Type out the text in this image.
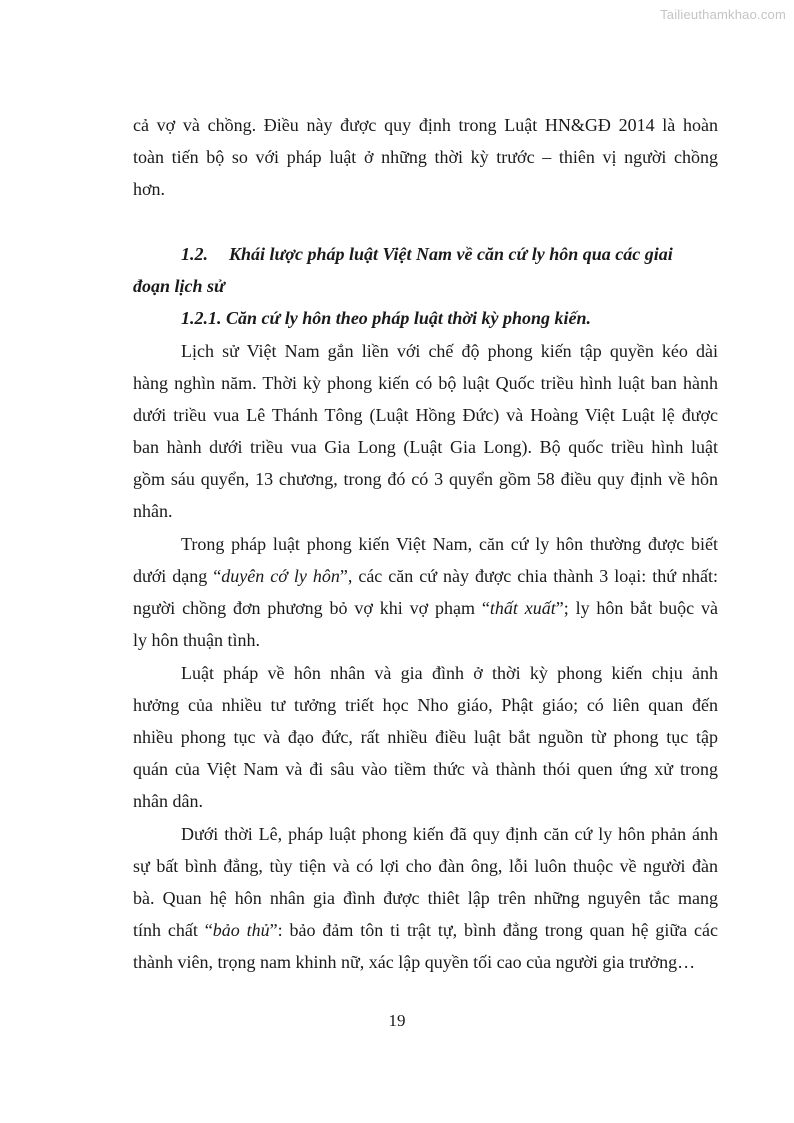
Tailieuthamkhao.com
cả vợ và chồng. Điều này được quy định trong Luật HN&GĐ 2014 là hoàn
toàn tiến bộ so với pháp luật ở những thời kỳ trước – thiên vị người chồng
hơn.
1.2. Khái lược pháp luật Việt Nam về căn cứ ly hôn qua các giai
đoạn lịch sử
1.2.1. Căn cứ ly hôn theo pháp luật thời kỳ phong kiến.
Lịch sử Việt Nam gắn liền với chế độ phong kiến tập quyền kéo dài
hàng nghìn năm. Thời kỳ phong kiến có bộ luật Quốc triều hình luật ban hành
dưới triều vua Lê Thánh Tông (Luật Hồng Đức) và Hoàng Việt Luật lệ được
ban hành dưới triều vua Gia Long (Luật Gia Long). Bộ quốc triều hình luật
gồm sáu quyển, 13 chương, trong đó có 3 quyển gồm 58 điều quy định về hôn
nhân.
Trong pháp luật phong kiến Việt Nam, căn cứ ly hôn thường được biết
dưới dạng “duyên cớ ly hôn”, các căn cứ này được chia thành 3 loại: thứ nhất:
người chồng đơn phương bỏ vợ khi vợ phạm “thất xuất”; ly hôn bắt buộc và
ly hôn thuận tình.
Luật pháp về hôn nhân và gia đình ở thời kỳ phong kiến chịu ảnh
hưởng của nhiều tư tưởng triết học Nho giáo, Phật giáo; có liên quan đến
nhiều phong tục và đạo đức, rất nhiều điều luật bắt nguồn từ phong tục tập
quán của Việt Nam và đi sâu vào tiềm thức và thành thói quen ứng xử trong
nhân dân.
Dưới thời Lê, pháp luật phong kiến đã quy định căn cứ ly hôn phản ánh
sự bất bình đẳng, tùy tiện và có lợi cho đàn ông, lỗi luôn thuộc về người đàn
bà. Quan hệ hôn nhân gia đình được thiêt lập trên những nguyên tắc mang
tính chất “bảo thủ”: bảo đảm tôn ti trật tự, bình đẳng trong quan hệ giữa các
thành viên, trọng nam khinh nữ, xác lập quyền tối cao của người gia trưởng…
19
